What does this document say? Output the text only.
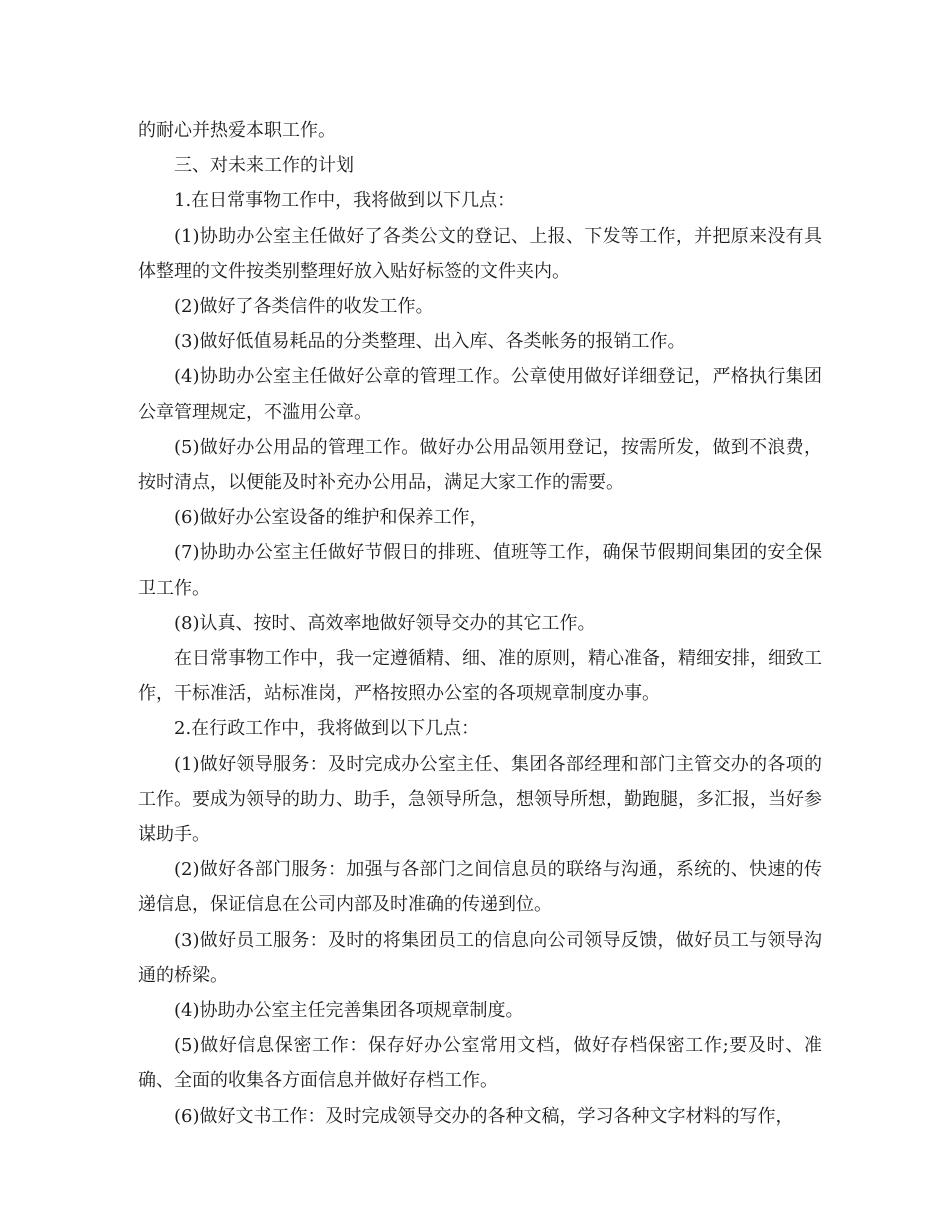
的耐心并热爱本职工作。

三、对未来工作的计划

1.在日常事物工作中，我将做到以下几点：

(1)协助办公室主任做好了各类公文的登记、上报、下发等工作，并把原来没有具体整理的文件按类别整理好放入贴好标签的文件夹内。

(2)做好了各类信件的收发工作。

(3)做好低值易耗品的分类整理、出入库、各类帐务的报销工作。

(4)协助办公室主任做好公章的管理工作。公章使用做好详细登记，严格执行集团公章管理规定，不滥用公章。

(5)做好办公用品的管理工作。做好办公用品领用登记，按需所发，做到不浪费，按时清点，以便能及时补充办公用品，满足大家工作的需要。

(6)做好办公室设备的维护和保养工作，

(7)协助办公室主任做好节假日的排班、值班等工作，确保节假期间集团的安全保卫工作。

(8)认真、按时、高效率地做好领导交办的其它工作。

在日常事物工作中，我一定遵循精、细、准的原则，精心准备，精细安排，细致工作，干标准活，站标准岗，严格按照办公室的各项规章制度办事。

2.在行政工作中，我将做到以下几点：

(1)做好领导服务：及时完成办公室主任、集团各部经理和部门主管交办的各项的工作。要成为领导的助力、助手，急领导所急，想领导所想，勤跑腿，多汇报，当好参谋助手。

(2)做好各部门服务：加强与各部门之间信息员的联络与沟通，系统的、快速的传递信息，保证信息在公司内部及时准确的传递到位。

(3)做好员工服务：及时的将集团员工的信息向公司领导反馈，做好员工与领导沟通的桥梁。

(4)协助办公室主任完善集团各项规章制度。

(5)做好信息保密工作：保存好办公室常用文档，做好存档保密工作;要及时、准确、全面的收集各方面信息并做好存档工作。

(6)做好文书工作：及时完成领导交办的各种文稿，学习各种文字材料的写作，
